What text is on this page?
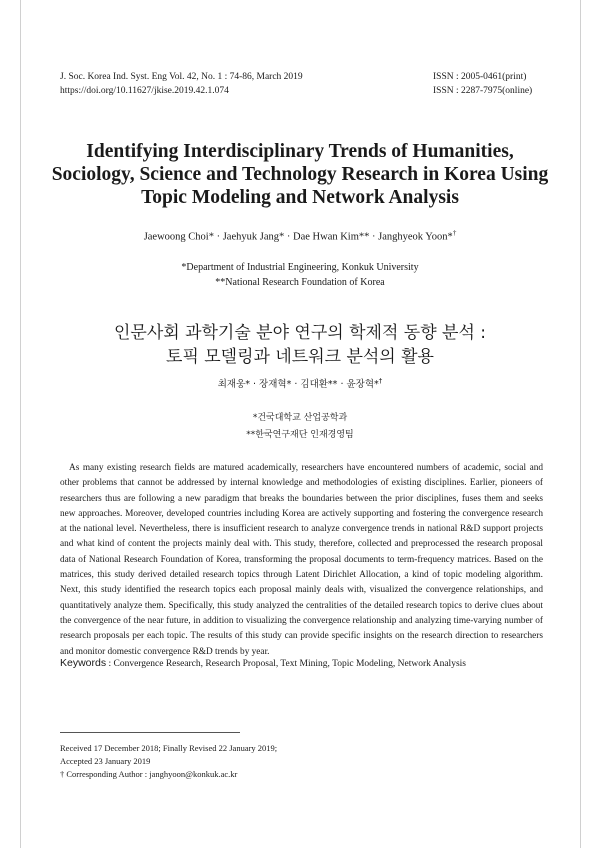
J. Soc. Korea Ind. Syst. Eng Vol. 42, No. 1 : 74-86, March 2019
https://doi.org/10.11627/jkise.2019.42.1.074
ISSN : 2005-0461(print)
ISSN : 2287-7975(online)
Identifying Interdisciplinary Trends of Humanities,
Sociology, Science and Technology Research in Korea Using
Topic Modeling and Network Analysis
Jaewoong Choi* · Jaehyuk Jang* · Dae Hwan Kim** · Janghyeok Yoon*†
*Department of Industrial Engineering, Konkuk University
**National Research Foundation of Korea
인문사회 과학기술 분야 연구의 학제적 동향 분석 :
토픽 모델링과 네트워크 분석의 활용
최재웅* · 장재혁* · 김대환** · 윤장혁*†
*건국대학교 산업공학과
**한국연구재단 인재경영팀

As many existing research fields are matured academically, researchers have encountered numbers of academic, social and other problems that cannot be addressed by internal knowledge and methodologies of existing disciplines. Earlier, pioneers of researchers thus are following a new paradigm that breaks the boundaries between the prior disciplines, fuses them and seeks new approaches. Moreover, developed countries including Korea are actively supporting and fostering the convergence research at the national level. Nevertheless, there is insufficient research to analyze convergence trends in national R&D support projects and what kind of content the projects mainly deal with. This study, therefore, collected and preprocessed the research proposal data of National Research Foundation of Korea, transforming the proposal documents to term-frequency matrices. Based on the matrices, this study derived detailed research topics through Latent Dirichlet Allocation, a kind of topic modeling algorithm. Next, this study identified the research topics each proposal mainly deals with, visualized the convergence relationships, and quantitatively analyze them. Specifically, this study analyzed the centralities of the detailed research topics to derive clues about the convergence of the near future, in addition to visualizing the convergence relationship and analyzing time-varying number of research proposals per each topic. The results of this study can provide specific insights on the research direction to researchers and monitor domestic convergence R&D trends by year.

Keywords : Convergence Research, Research Proposal, Text Mining, Topic Modeling, Network Analysis
Received 17 December 2018; Finally Revised 22 January 2019;
Accepted 23 January 2019
† Corresponding Author : janghyoon@konkuk.ac.kr
